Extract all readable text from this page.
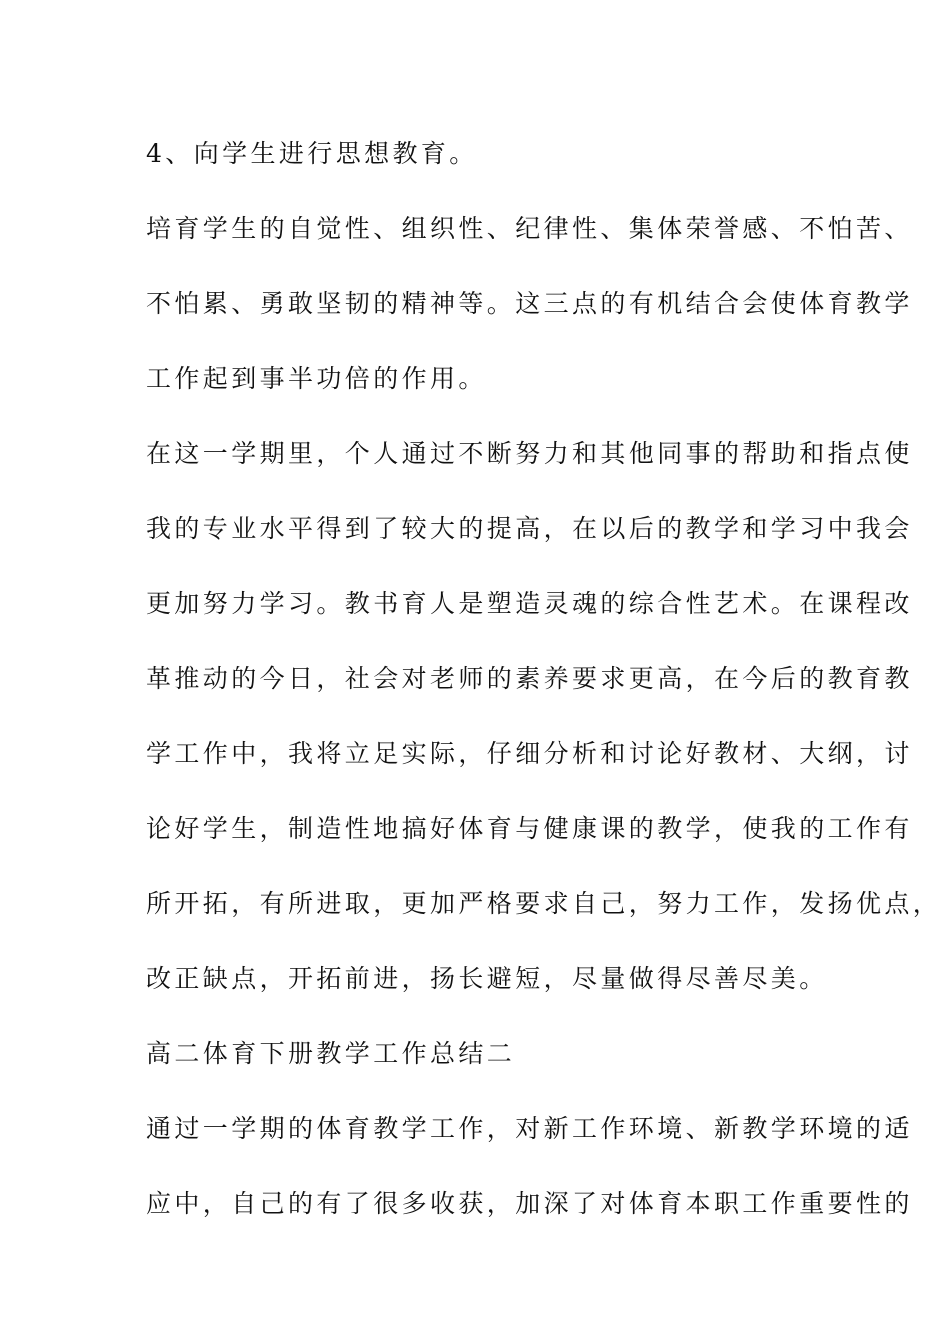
4、向学生进行思想教育。
培育学生的自觉性、组织性、纪律性、集体荣誉感、不怕苦、
不怕累、勇敢坚韧的精神等。这三点的有机结合会使体育教学
工作起到事半功倍的作用。
在这一学期里，个人通过不断努力和其他同事的帮助和指点使
我的专业水平得到了较大的提高，在以后的教学和学习中我会
更加努力学习。教书育人是塑造灵魂的综合性艺术。在课程改
革推动的今日，社会对老师的素养要求更高，在今后的教育教
学工作中，我将立足实际，仔细分析和讨论好教材、大纲，讨
论好学生，制造性地搞好体育与健康课的教学，使我的工作有
所开拓，有所进取，更加严格要求自己，努力工作，发扬优点，
改正缺点，开拓前进，扬长避短，尽量做得尽善尽美。
高二体育下册教学工作总结二
通过一学期的体育教学工作，对新工作环境、新教学环境的适
应中，自己的有了很多收获，加深了对体育本职工作重要性的
